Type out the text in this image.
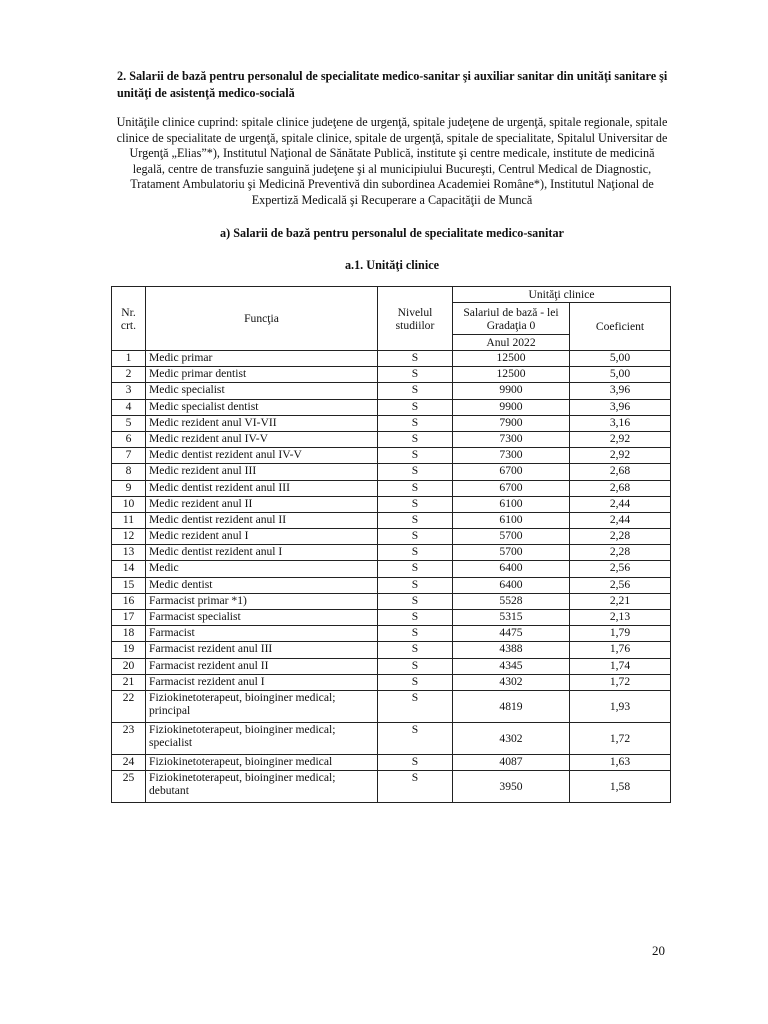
2. Salarii de bază pentru personalul de specialitate medico-sanitar şi auxiliar sanitar din unităţi sanitare şi unităţi de asistenţă medico-socială

Unităţile clinice cuprind: spitale clinice judeţene de urgenţă, spitale judeţene de urgenţă, spitale regionale, spitale clinice de specialitate de urgenţă, spitale clinice, spitale de urgenţă, spitale de specialitate, Spitalul Universitar de Urgenţă „Elias”*), Institutul Naţional de Sănătate Publică, institute şi centre medicale, institute de medicină legală, centre de transfuzie sanguină judeţene şi al municipiului Bucureşti, Centrul Medical de Diagnostic, Tratament Ambulatoriu şi Medicină Preventivă din subordinea Academiei Române*), Institutul Naţional de Expertiză Medicală şi Recuperare a Capacităţii de Muncă

a) Salarii de bază pentru personalul de specialitate medico-sanitar

a.1. Unităţi clinice

Nr. crt.	Funcţia	Nivelul studiilor	Unităţi clinice	
			Salariul de bază - lei Gradaţia 0	Coeficient
			Anul 2022	
1	Medic primar	S	12500	5,00
2	Medic primar dentist	S	12500	5,00
3	Medic specialist	S	9900	3,96
4	Medic specialist dentist	S	9900	3,96
5	Medic rezident anul VI-VII	S	7900	3,16
6	Medic rezident anul IV-V	S	7300	2,92
7	Medic dentist rezident anul IV-V	S	7300	2,92
8	Medic rezident anul III	S	6700	2,68
9	Medic dentist rezident anul III	S	6700	2,68
10	Medic rezident anul II	S	6100	2,44
11	Medic dentist rezident anul II	S	6100	2,44
12	Medic rezident anul I	S	5700	2,28
13	Medic dentist rezident anul I	S	5700	2,28
14	Medic	S	6400	2,56
15	Medic dentist	S	6400	2,56
16	Farmacist primar *1)	S	5528	2,21
17	Farmacist specialist	S	5315	2,13
18	Farmacist	S	4475	1,79
19	Farmacist rezident anul III	S	4388	1,76
20	Farmacist rezident anul II	S	4345	1,74
21	Farmacist rezident anul I	S	4302	1,72
22	Fiziokinetoterapeut, bioinginer medical; principal	S	4819	1,93
23	Fiziokinetoterapeut, bioinginer medical; specialist	S	4302	1,72
24	Fiziokinetoterapeut, bioinginer medical	S	4087	1,63
25	Fiziokinetoterapeut, bioinginer medical; debutant	S	3950	1,58

20
